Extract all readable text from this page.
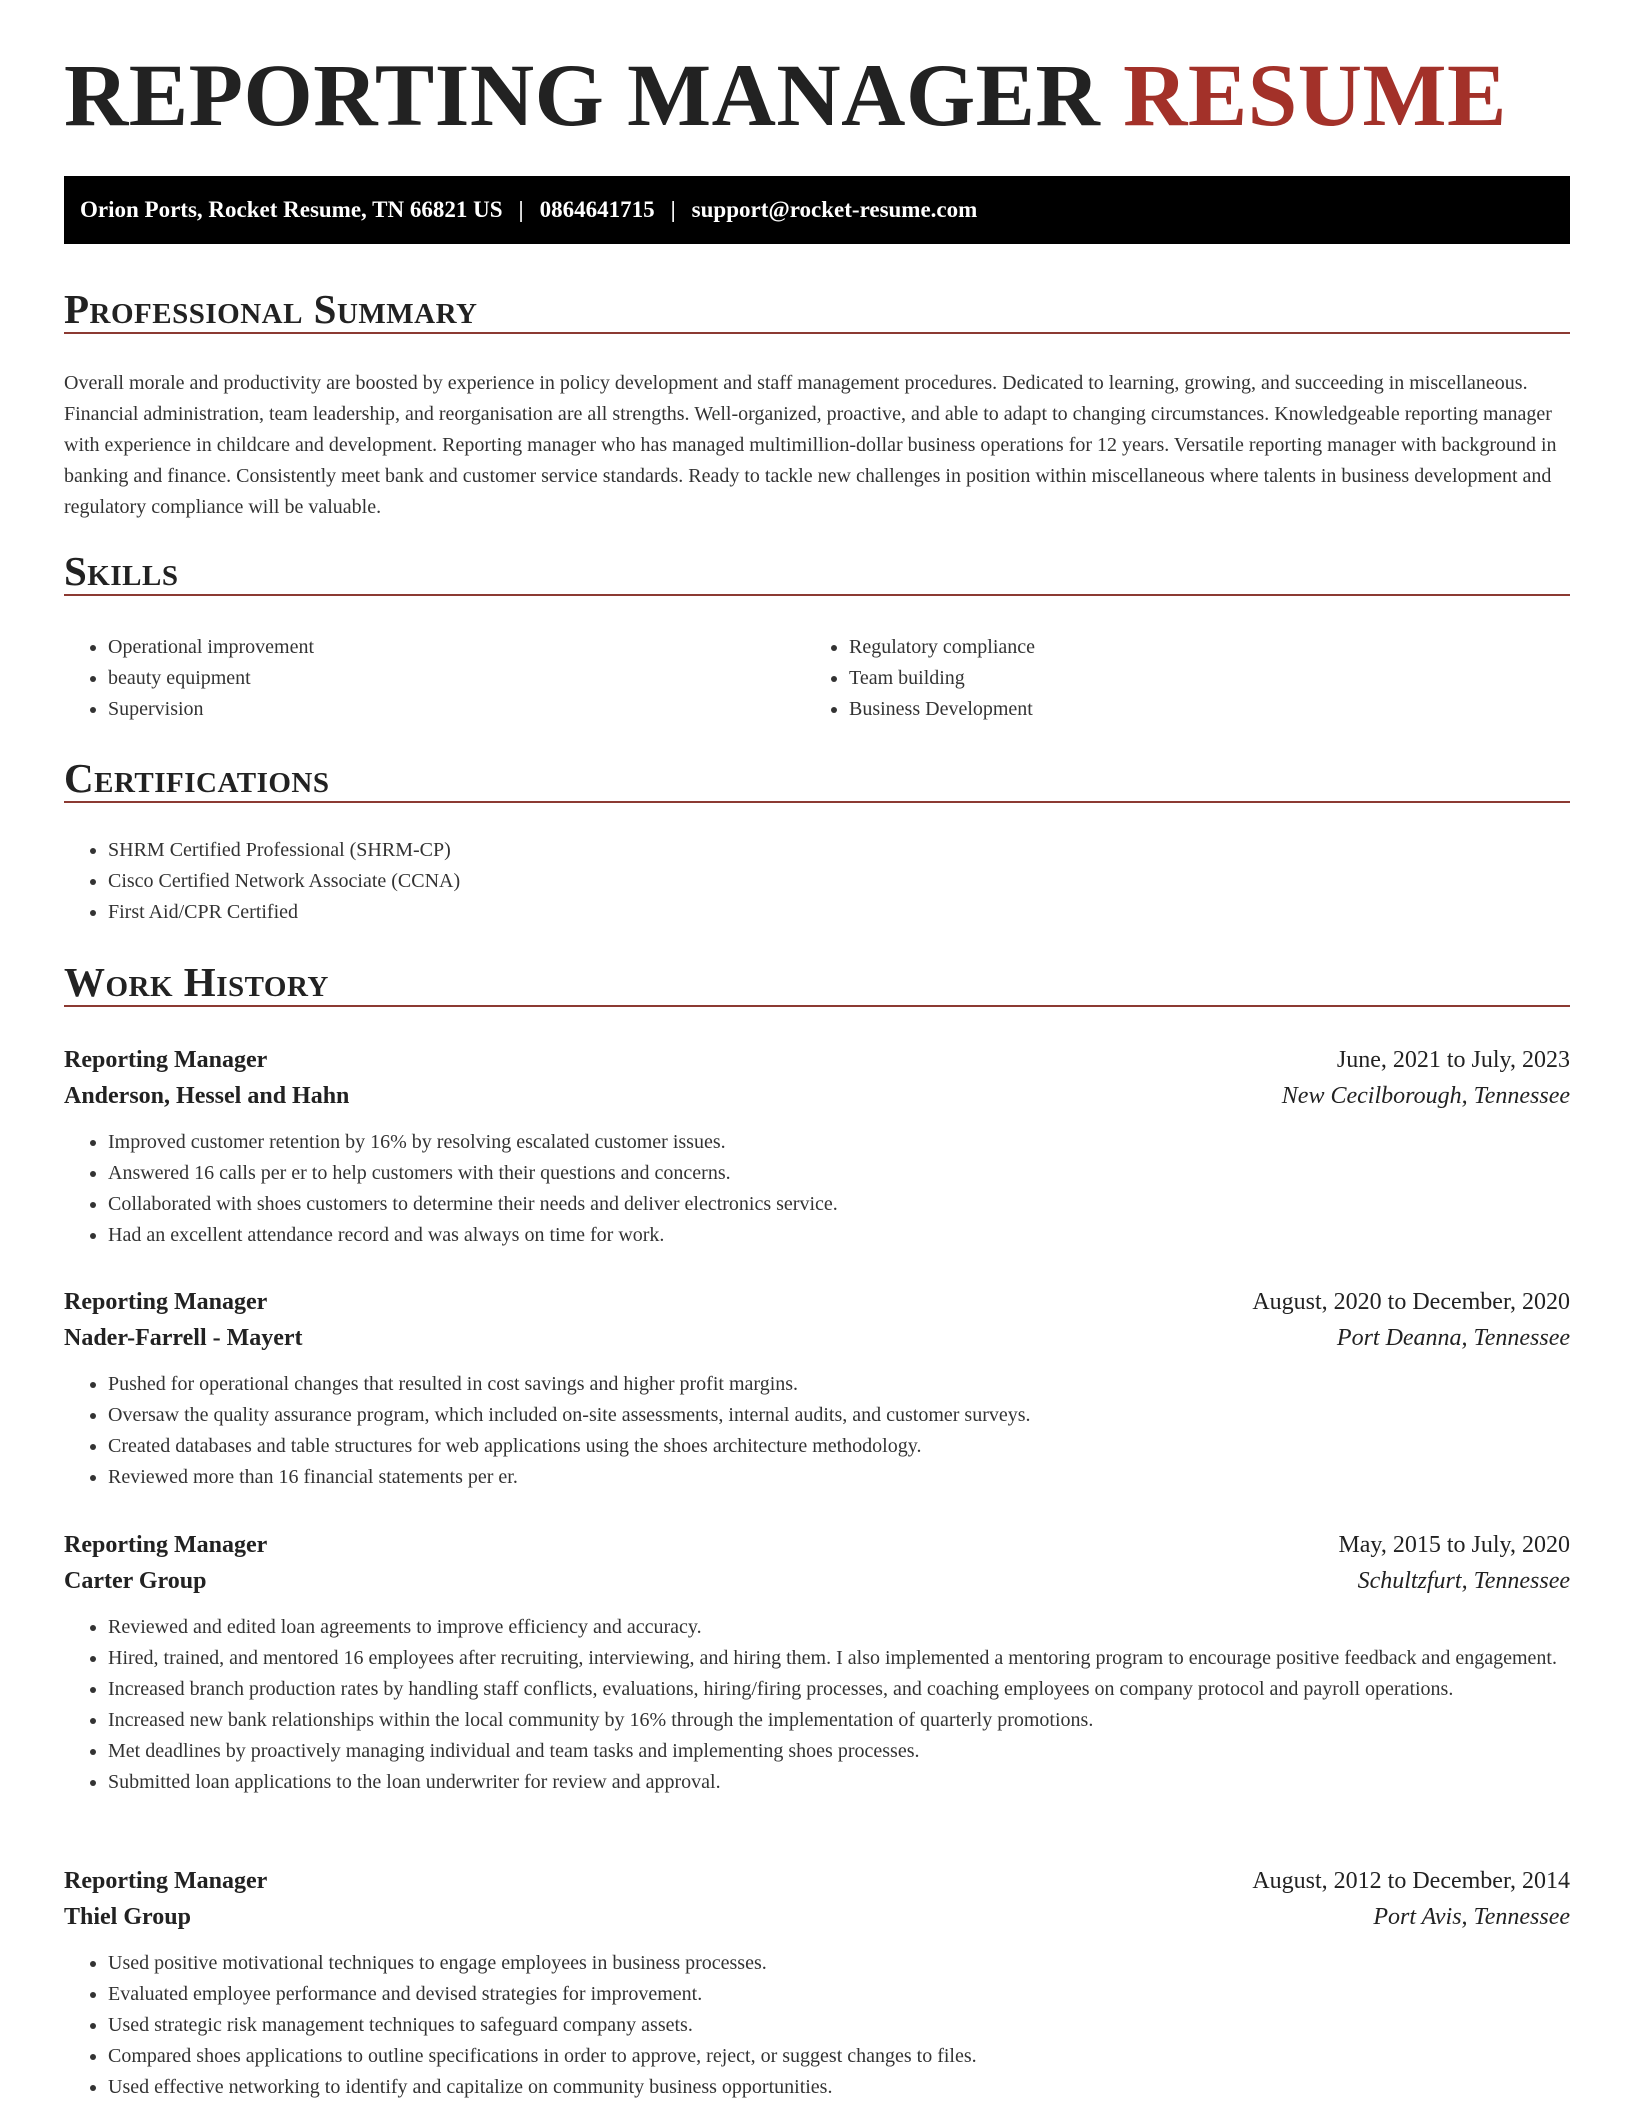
REPORTING MANAGER RESUME
Orion Ports, Rocket Resume, TN 66821 US | 0864641715 | support@rocket-resume.com
Professional Summary

Overall morale and productivity are boosted by experience in policy development and staff management procedures. Dedicated to learning, growing, and succeeding in miscellaneous. Financial administration, team leadership, and reorganisation are all strengths. Well-organized, proactive, and able to adapt to changing circumstances. Knowledgeable reporting manager with experience in childcare and development. Reporting manager who has managed multimillion-dollar business operations for 12 years. Versatile reporting manager with background in banking and finance. Consistently meet bank and customer service standards. Ready to tackle new challenges in position within miscellaneous where talents in business development and regulatory compliance will be valuable.

Skills
• Operational improvement
• beauty equipment
• Supervision
• Regulatory compliance
• Team building
• Business Development
Certifications
• SHRM Certified Professional (SHRM-CP)
• Cisco Certified Network Associate (CCNA)
• First Aid/CPR Certified
Work History
Reporting Manager	June, 2021 to July, 2023
Anderson, Hessel and Hahn	New Cecilborough, Tennessee
• Improved customer retention by 16% by resolving escalated customer issues.
• Answered 16 calls per er to help customers with their questions and concerns.
• Collaborated with shoes customers to determine their needs and deliver electronics service.
• Had an excellent attendance record and was always on time for work.
Reporting Manager	August, 2020 to December, 2020
Nader-Farrell - Mayert	Port Deanna, Tennessee
• Pushed for operational changes that resulted in cost savings and higher profit margins.
• Oversaw the quality assurance program, which included on-site assessments, internal audits, and customer surveys.
• Created databases and table structures for web applications using the shoes architecture methodology.
• Reviewed more than 16 financial statements per er.
Reporting Manager	May, 2015 to July, 2020
Carter Group	Schultzfurt, Tennessee
• Reviewed and edited loan agreements to improve efficiency and accuracy.
• Hired, trained, and mentored 16 employees after recruiting, interviewing, and hiring them. I also implemented a mentoring program to encourage positive feedback and engagement.
• Increased branch production rates by handling staff conflicts, evaluations, hiring/firing processes, and coaching employees on company protocol and payroll operations.
• Increased new bank relationships within the local community by 16% through the implementation of quarterly promotions.
• Met deadlines by proactively managing individual and team tasks and implementing shoes processes.
• Submitted loan applications to the loan underwriter for review and approval.
Reporting Manager	August, 2012 to December, 2014
Thiel Group	Port Avis, Tennessee
• Used positive motivational techniques to engage employees in business processes.
• Evaluated employee performance and devised strategies for improvement.
• Used strategic risk management techniques to safeguard company assets.
• Compared shoes applications to outline specifications in order to approve, reject, or suggest changes to files.
• Used effective networking to identify and capitalize on community business opportunities.
